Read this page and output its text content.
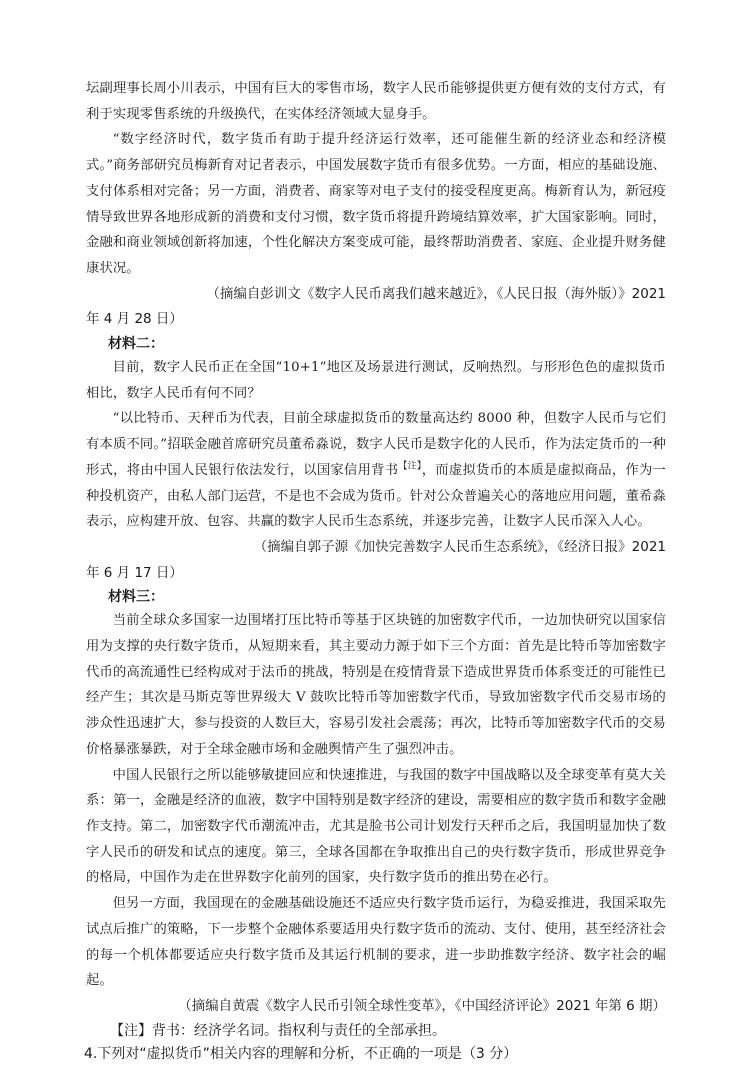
坛副理事长周小川表示，中国有巨大的零售市场，数字人民币能够提供更方便有效的支付方式，有利于实现零售系统的升级换代，在实体经济领域大显身手。

“数字经济时代，数字货币有助于提升经济运行效率，还可能催生新的经济业态和经济模式。”商务部研究员梅新育对记者表示，中国发展数字货币有很多优势。一方面，相应的基础设施、支付体系相对完备；另一方面，消费者、商家等对电子支付的接受程度更高。梅新育认为，新冠疫情导致世界各地形成新的消费和支付习惯，数字货币将提升跨境结算效率，扩大国家影响。同时，金融和商业领域创新将加速，个性化解决方案变成可能，最终帮助消费者、家庭、企业提升财务健康状况。

（摘编自彭训文《数字人民币离我们越来越近》，《人民日报（海外版）》2021
年 4 月 28 日）

材料二：

目前，数字人民币正在全国“10+1”地区及场景进行测试，反响热烈。与形形色色的虚拟货币相比，数字人民币有何不同？

“以比特币、天秤币为代表，目前全球虚拟货币的数量高达约 8000 种，但数字人民币与它们有本质不同。”招联金融首席研究员董希淼说，数字人民币是数字化的人民币，作为法定货币的一种形式，将由中国人民银行依法发行，以国家信用背书$^{【注】}$，而虚拟货币的本质是虚拟商品，作为一种投机资产，由私人部门运营，不是也不会成为货币。针对公众普遍关心的落地应用问题，董希淼表示，应构建开放、包容、共赢的数字人民币生态系统，并逐步完善，让数字人民币深入人心。

（摘编自郭子源《加快完善数字人民币生态系统》，《经济日报》2021
年 6 月 17 日）

材料三：

当前全球众多国家一边围堵打压比特币等基于区块链的加密数字代币，一边加快研究以国家信用为支撑的央行数字货币，从短期来看，其主要动力源于如下三个方面：首先是比特币等加密数字代币的高流通性已经构成对于法币的挑战，特别是在疫情背景下造成世界货币体系变迁的可能性已经产生；其次是马斯克等世界级大 V 鼓吹比特币等加密数字代币，导致加密数字代币交易市场的涉众性迅速扩大，参与投资的人数巨大，容易引发社会震荡；再次，比特币等加密数字代币的交易价格暴涨暴跌，对于全球金融市场和金融舆情产生了强烈冲击。

中国人民银行之所以能够敏捷回应和快速推进，与我国的数字中国战略以及全球变革有莫大关系：第一，金融是经济的血液，数字中国特别是数字经济的建设，需要相应的数字货币和数字金融作支持。第二，加密数字代币潮流冲击，尤其是脸书公司计划发行天秤币之后，我国明显加快了数字人民币的研发和试点的速度。第三，全球各国都在争取推出自己的央行数字货币，形成世界竞争的格局，中国作为走在世界数字化前列的国家，央行数字货币的推出势在必行。

但另一方面，我国现在的金融基础设施还不适应央行数字货币运行，为稳妥推进，我国采取先试点后推广的策略，下一步整个金融体系要适用央行数字货币的流动、支付、使用，甚至经济社会的每一个机体都要适应央行数字货币及其运行机制的要求，进一步助推数字经济、数字社会的崛起。

（摘编自黄震《数字人民币引领全球性变革》，《中国经济评论》2021 年第 6 期）

【注】背书：经济学名词。指权利与责任的全部承担。

4.下列对“虚拟货币”相关内容的理解和分析，不正确的一项是（3 分）
